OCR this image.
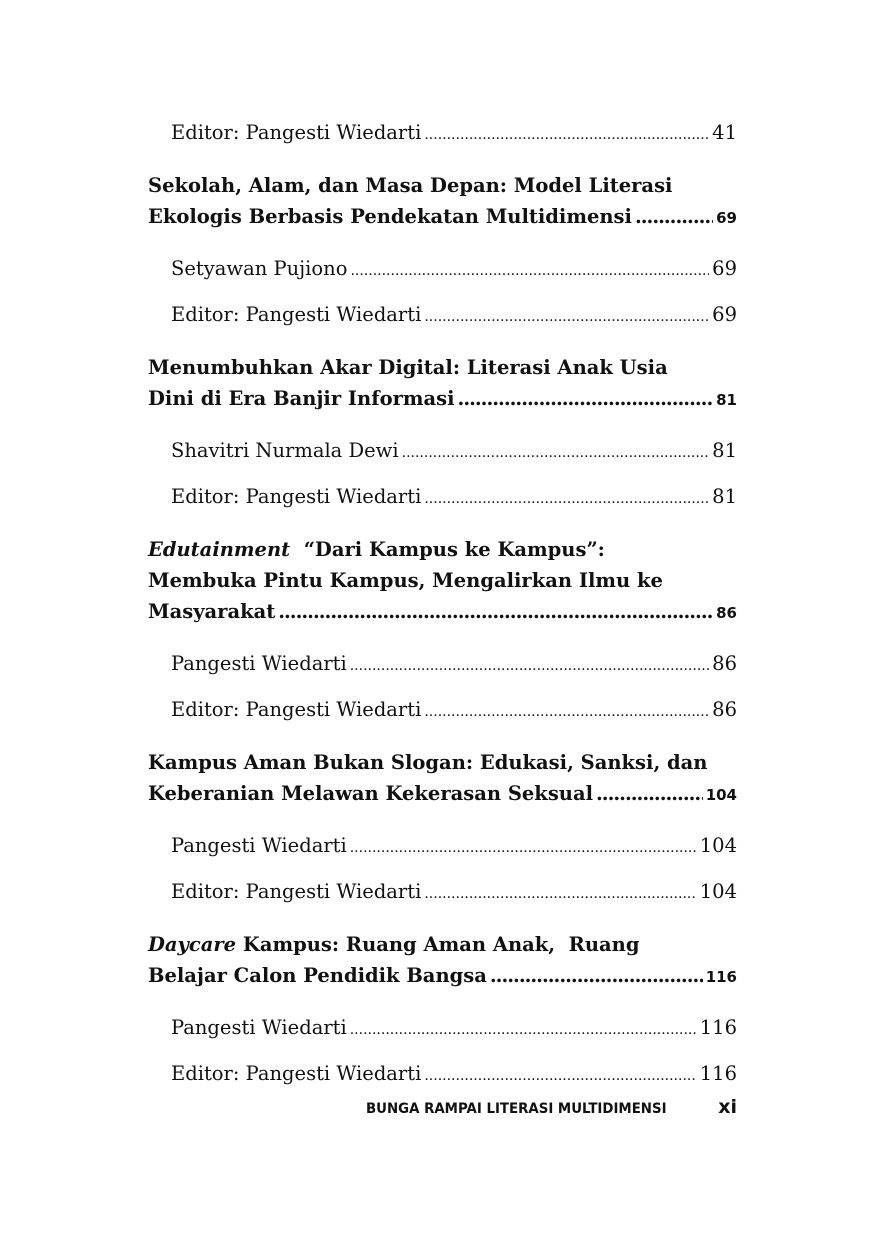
Editor: Pangesti Wiedarti .....	41
Sekolah, Alam, dan Masa Depan: Model Literasi
Ekologis Berbasis Pendekatan Multidimensi .....	69
Setyawan Pujiono .....	69
Editor: Pangesti Wiedarti .....	69
Menumbuhkan Akar Digital: Literasi Anak Usia
Dini di Era Banjir Informasi .....	81
Shavitri Nurmala Dewi .....	81
Editor: Pangesti Wiedarti .....	81
Edutainment  “Dari Kampus ke Kampus”:
Membuka Pintu Kampus, Mengalirkan Ilmu ke
Masyarakat .....	86
Pangesti Wiedarti .....	86
Editor: Pangesti Wiedarti .....	86
Kampus Aman Bukan Slogan: Edukasi, Sanksi, dan
Keberanian Melawan Kekerasan Seksual .....	104
Pangesti Wiedarti .....	104
Editor: Pangesti Wiedarti .....	104
Daycare Kampus: Ruang Aman Anak,  Ruang
Belajar Calon Pendidik Bangsa .....	116
Pangesti Wiedarti .....	116
Editor: Pangesti Wiedarti .....	116
BUNGA RAMPAI LITERASI MULTIDIMENSI	xi
